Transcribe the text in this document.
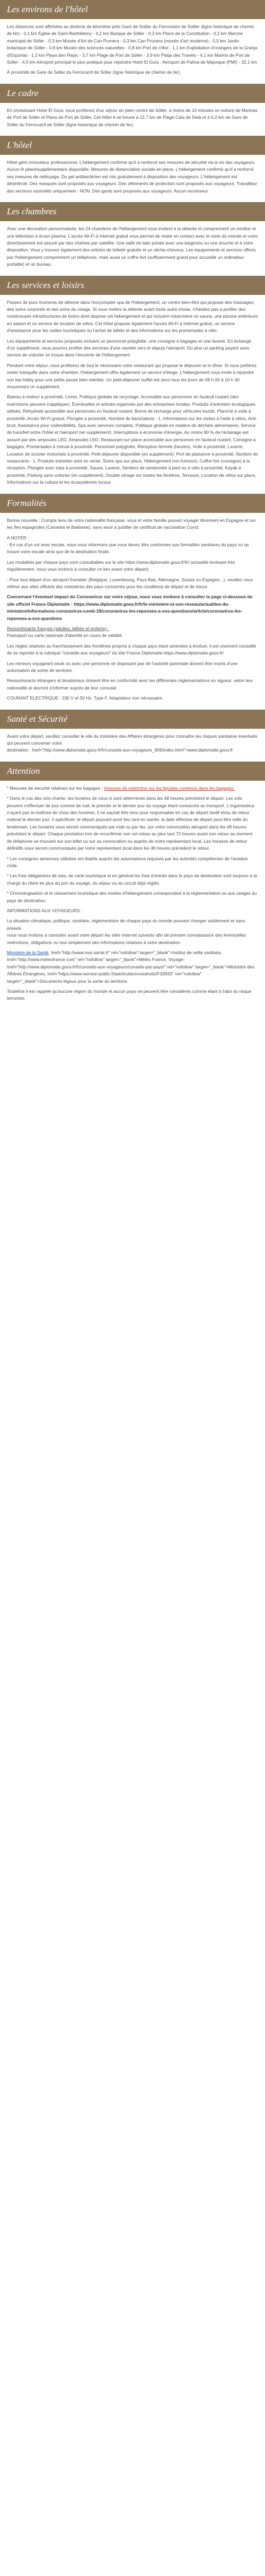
Les environs de l'hôtel

Les distances sont affichées au dixième de kilomètre près Gare de Sollier du Ferroviaire de Sollier (ligne historique de chemin de fer) - 0,1 km Église de Saint-Barthélemy - 0,2 km Banque de Sóller - 0,2 km Place de la Constitution - 0,2 km Marché municipal de Sóller - 0,3 km Musée d'Art de Can Prunera - 0,3 km Can Prunera (musée d'art moderne) - 0,5 km Jardin botanique de Sóller - 0,8 km Musée des sciences naturelles - 0,8 km Port de s'Illot - 1,1 km Exploitation d'orangers de la Granja d'Esporlas - 1,2 km Playa den Repic - 3,7 km Plage de Port de Sóller - 3,9 km Platja des Travels - 4,1 km Marina de Port de Sóller - 4,5 km Aéroport principal le plus pratique pour rejoindre Hotel El Guía : Aéroport de Palma de Majorque (PMI) - 32,1 km

À proximité de Gare de Sóller du Ferrocarril de Sóller (ligne historique de chemin de fer)

Le cadre

En choisissant Hotel El Guía, vous profiterez d'un séjour en plein centre de Sóller, à moins de 10 minutes en voiture de Marinas de Port de Sóller et Plans de Port de Sóller. Cet hôtel 4 se trouve à 12,7 km de Plage Cala de Deià et à 0,2 km de Gare de Sóller du Ferrocarril de Sóller (ligne historique de chemin de fer).

L'hôtel

Hôtel géré innovateur professionnel. L'hébergement confirme qu'il a renforcé ses mesures de sécurité vis-à-vis des voyageurs. Aucun lit pliant/supplémentaire disponible. Mesures de distanciation sociale en place, L'hébergement confirme qu'il a renforcé ses mesures de nettoyage. Du gel antibactérien est mis gratuitement à disposition des voyageurs. L'hébergement est désinfecté. Des masques sont proposés aux voyageurs. Des vêtements de protection sont proposés aux voyageurs. Travailleur des secteurs assimilés uniquement - NON. Des gants sont proposés aux voyageurs. Aucun escenseur

Les chambres

Avec une décoration personnalisée, les 24 chambres de l'hébergement vous invitent à la détente et comprennent un minibar et une télévision à écran plasma. L'accès Wi-Fi à Internet gratuit vous permet de rester en contact avec le reste du monde et votre divertissement est assuré par des chaînes par satellite. Une salle de bain privée avec une baignoire ou une douche et à votre disposition. Vous y trouvez également des articles de toilette gratuits et un sèche-cheveux. Les équipements et services offerts par l'hébergement comprennent un téléphone, mais aussi un coffre-fort (suffisamment grand pour accueillir un ordinateur portable) et un bureau.

Les services et loisirs

Passez de purs moments de détente dans l'encyclopée spa de l'hébergement, un centre bien-être qui propose des massages, des soins corporels et des soins du visage. Si vous mettez la détente avant toute autre chose, n'hésitez pas à profiter des nombreuses infrastructures de loisirs dont dispose cet hébergement et qui incluent notamment un sauna, une piscine extérieure en saison et un service de location de vélos. Cet hôtel propose également l'accès Wi-Fi à Internet gratuit, un service d'assistance pour les visites touristiques ou l'achat de billets et des informations sur les promenades à vélo.

Les équipements et services proposés incluent un personnel polyglotte, une consigne à bagages et une laverie. En échange d'un supplément, vous pourrez profiter des services d'une navette vers et depuis l'aéroport. Du plus un parking payant sans service de voiturier se trouve dans l'enceinte de l'hébergement.

Pendant votre séjour, vous profiterez de tout le nécessaire votre restaurant qui propose le déjeuner et le dîner. Si vous préférez rester tranquille dans votre chambre, l'hébergement offre également un service d'étage. L'hébergement vous invite à rejoindre son bar-lobby pour une petite pause bien méritée. Un petit-déjeuner buffet est servi tous les jours de 08 h 00 à 10 h 30 moyennant un supplément.

Bateau à moteur à proximité, Livres, Politique globale de recyclage, Accessible aux personnes en fauteuil roulant (des restrictions peuvent s'appliquer), Éventuelles et articles organisés par des entreprises locales. Produits d'entretien écologiques utilisés, Rehydrate accessible aux personnes en fauteuil roulant, Borne de recharge pour véhicules lourds, Planché à voile à proximité, Accès Wi-Fi gratuit, Plongée à proximité, Nombre de bars/salons : 1, Informations sur les visites à l'aide à vélos, Anti-bruit, Assistance pour visites/billets, Spa avec services complets, Politique globale en matière de déchets alimentaires, Service de transfert entre l'hôtel et l'aéroport (en supplément), Interruptions à économie d'énergie, Au moins 80 % de l'éclairage est assuré par des ampoules LED, Ampoules LED, Restaurant sur place accessible aux personnes en fauteuil roulant, Consigne à bagages, Promenades à cheval à proximité. Personnel polyglotte, Réception fermée (heures), Voile à proximité, Laverie, Location de scooter motorisés à proximité, Petit-déjeuner disponible (en supplément), Port de plaisance à proximité, Nombre de restaurants : 1, Produits entretien sont en vente, Soins spa sur place, Hébergement non-fumeurs, Coffre-fort (consigne) à la réception, Plongée avec tuba à proximité, Sauna, Laverie, Sentiers de randonnée à pied ou à vélo à proximité, Kayak à proximité, Parking sans voiturier (en supplément), Double vitrage sur toutes les fenêtres, Terrasse, Location de vélos sur place, Informations sur la culture et les écosystèmes locaux

Formalités

Bonne nouvelle : Compte tenu de votre nationalité française, vous et votre famille pouvez voyager librement en Espagne et sur les îles espagnoles (Canaries et Baléares), sans avoir à justifier de certificat de vaccination Covid.

A NOTER :

- En cas d'un vol avec escale, nous vous informons que vous devez être conformes aux formalités sanitaires du pays où se trouve votre escale ainsi que de la destination finale.

Les modalités par chaque pays sont consultables sur le site https://www.diplomatie.gouv.fr/fr/ (actualité évoluant très régulièrement, nous vous invitons à consulter ce lien avant votre départ).

- Pour tout départ d'un aéroport frontalier (Belgique, Luxembourg, Pays-Bas, Allemagne, Suisse ou Espagne...), veuillez vous référer aux sites officiels des ministères des pays concernés pour les conditions de départ et de retour.

Concernant l'éventuel impact du Coronavirus sur votre séjour, nous vous invitons à consulter la page ci-dessous du site officiel France Diplomatie : https://www.diplomatie.gouv.fr/fr/le-ministere-et-son-reseau/actualites-du-ministere/informations-coronavirus-covid-19/coronavirus-les-reponses-a-vos-questions/article/coronavirus-les-reponses-a-vos-questions

Ressortissants français (adultes, bébés et enfants) :

Passeport ou carte nationale d'identité en cours de validité.

Les règles relatives au franchissement des frontières propres à chaque pays étant amenées à évoluer, il est vivement conseillé de se reporter à la rubrique "conseils aux voyageurs" du site France Diplomatie.https://www.diplomatie.gouv.fr/

Les mineurs voyageant seuls ou avec une personne ne disposant pas de l'autorité parentale doivent être munis d'une autorisation de sortie de territoire.

Ressortissants étrangers et binationaux doivent être en conformité avec les différentes réglementations en vigueur, selon leur nationalité et devront s'informer auprès de leur consulat.

COURANT ELECTRIQUE : 230 V et 50 Hz. Type F. Adaptateur non nécessaire.

Santé et Sécurité

Avant votre départ, veuillez consulter le site du ministère des Affaires étrangères pour connaître les risques sanitaires éventuels qui peuvent concerner votre

destination : href="http://www.diplomatie.gouv.fr/fr/conseils-aux-voyageurs_909/index.html">www.diplomatie.gouv.fr

Attention

* Mesures de sécurité relatives sur les bagages : mesures de restriction sur les liquides contenus dans les bagages.

* Dans le cas des vols charter, les horaires de ceux-ci sont déterminés dans les 48 heures précédent le départ. Les vols peuvent s'effectuer de jour comme de nuit, le premier et le dernier jour du voyage étant consacrés au transport. L'organisateur n'ayant pas la maîtrise de choix des horaires, il ne saurait être tenu pour responsable en cas de départ tardif et/ou de retour matinal le dernier jour. Il spécificier, le départ pouvant avoir lieu tard en soirée, la date effective de départ peut être celle du lendemain. Les horaires vous seront communiqués par mail ou par fax, sur votre convocation aéroport dans les 48 heures précédant le départ. Chaque prestation lors de reconfirmer son vol retour au plus tard 72 heures avant son retour au moment de téléphone se trouvant sur son billet ou sur sa convocation ou auprès de notre représentant local. Les horaires de retour définitifs vous seront communiqués par notre représentant local dans les 48 heures précédent le retour.

* Les consignes aériennes utilisées ont établis auprès les autorisations requises par les autorités compétentes de l'aviation civile.

* Les frais obligatoires de visa, de carte touristique et en général les frais d'entrée dans le pays de destination sont toujours à la charge du client en plus du prix du voyage, du séjour ou du circuit déjà réglés.

* Chronologisation et le classement touristique des modes d'hébergement correspondent à la réglementation ou aux usages du pays de destination.

INFORMATIONS AUX VOYAGEURS :

La situation climatique, politique, sanitaire, réglementaire de chaque pays du monde pouvant changer subitement et sans préavis

nous vous invitons à consulter avant votre départ les sites Internet suivants afin de prendre connaissance des éventuelles restrictions, obligations ou tout simplement des informations relatives à votre destination.

Ministère de la Santé, href="http://www.invs.sante.fr" rel="nofollow" target="_blank">Institut de veille sanitaire, href="http://www.meteofrance.com" rel="nofollow" target="_blank">Météo France, Voyage-href="http://www.diplomatie.gouv.fr/fr/conseils-aux-voyageurs/conseils-par-pays/" rel="nofollow" target="_blank">Ministère des Affaires Étrangères, href="https://www.service-public.fr/particuliers/vosdroits/F33833" rel="nofollow" target="_blank">Documents légaux pour la sortie du territoire.

Toutefois il est rappelé qu'aucune région du monde et aucun pays ne peuvent être considérés comme étant à l'abri du risque terroriste.
